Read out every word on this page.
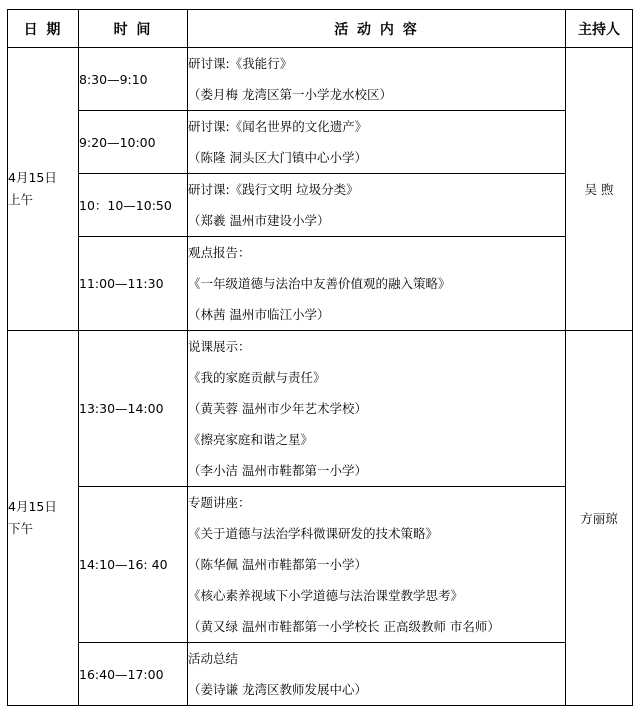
日 期	时 间	活 动 内 容	主持人

4月15日
上午	8:30—9:10	研讨课:《我能行》
（娄月梅 龙湾区第一小学龙水校区）	吴 煦
	9:20—10:00	研讨课:《闻名世界的文化遗产》
（陈隆 洞头区大门镇中心小学）	

	10：10—10:50	研讨课:《践行文明 垃圾分类》
（郑羲 温州市建设小学）	

	11:00—11:30	观点报告：
《一年级道德与法治中友善价值观的融入策略》
（林茜 温州市临江小学）	

4月15日
下午	13:30—14:00	说课展示：
《我的家庭贡献与责任》
（黄芙蓉 温州市少年艺术学校）
《擦亮家庭和谐之星》
（李小洁 温州市鞋都第一小学）	方丽琼
	14:10—16: 40	专题讲座：
《关于道德与法治学科微课研发的技术策略》
（陈华佩 温州市鞋都第一小学）
《核心素养视域下小学道德与法治课堂教学思考》
（黄又绿 温州市鞋都第一小学校长 正高级教师 市名师）	

	16:40—17:00	活动总结
（姜诗谦 龙湾区教师发展中心）	
